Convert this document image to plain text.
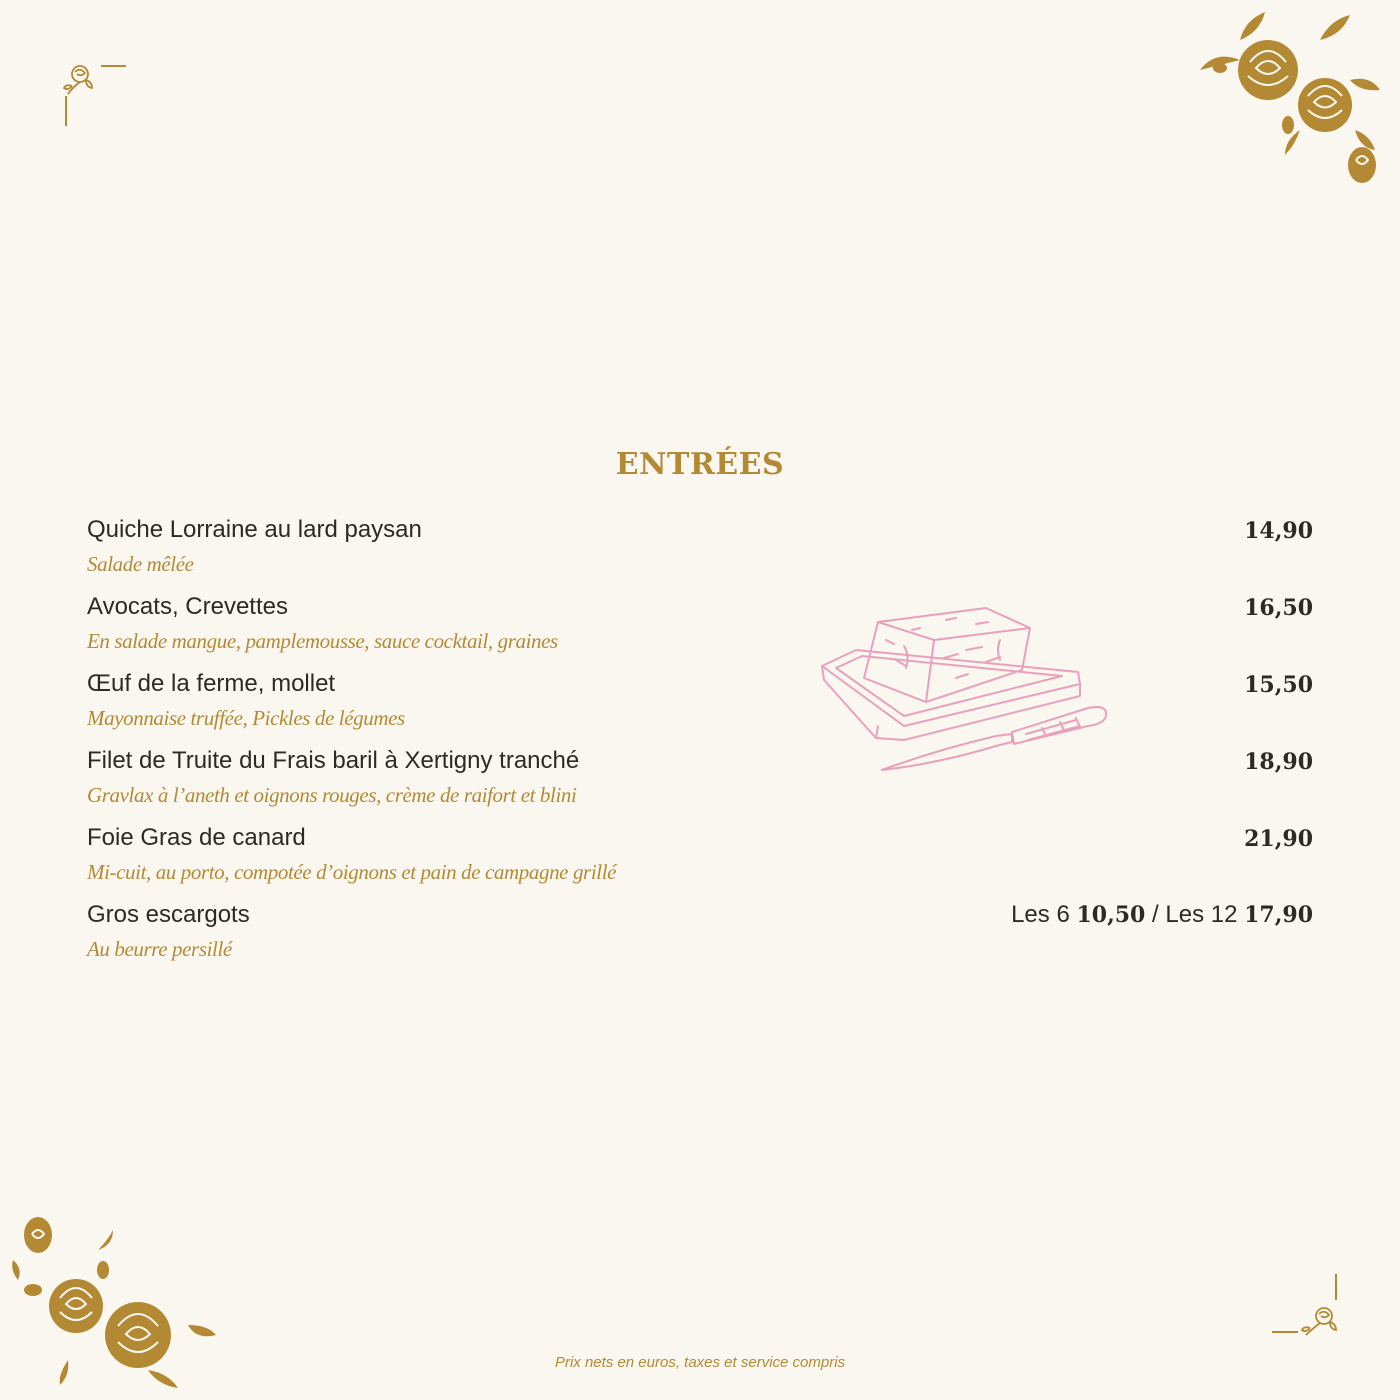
ENTRÉES
Quiche Lorraine au lard paysan
Salade mêlée
14,90
Avocats, Crevettes
En salade mangue, pamplemousse, sauce cocktail, graines
16,50
Œuf de la ferme, mollet
Mayonnaise truffée, Pickles de légumes
15,50
Filet de Truite du Frais baril à Xertigny tranché
Gravlax à l’aneth et oignons rouges, crème de raifort et blini
18,90
Foie Gras de canard
Mi-cuit, au porto, compotée d’oignons et pain de campagne grillé
21,90
Gros escargots
Au beurre persillé
Les 6 10,50 / Les 12 17,90
Prix nets en euros, taxes et service compris
